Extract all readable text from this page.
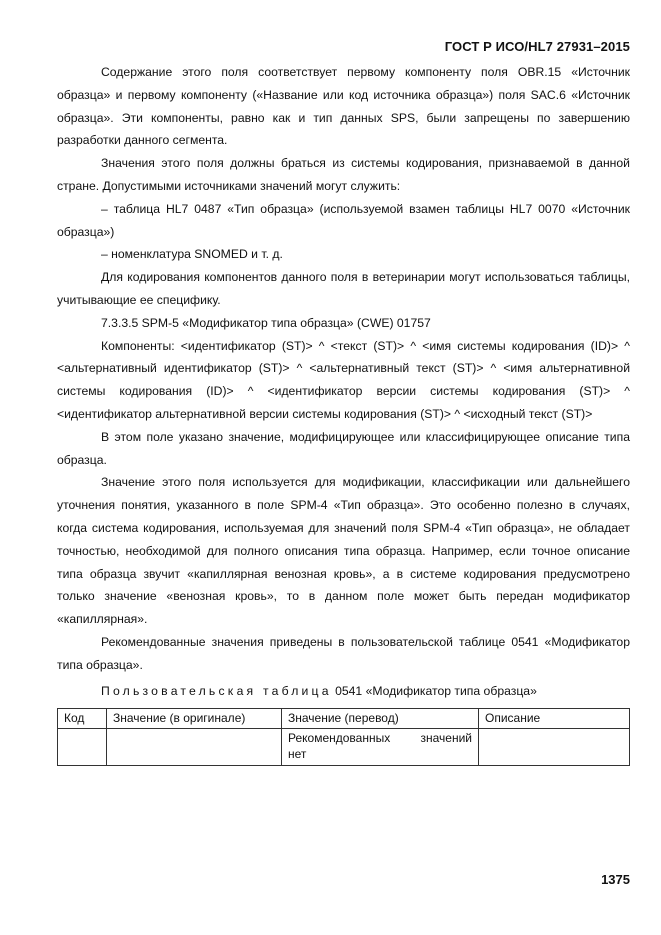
ГОСТ Р ИСО/HL7 27931–2015

Содержание этого поля соответствует первому компоненту поля OBR.15 «Источник образца» и первому компоненту («Название или код источника образца») поля SAC.6 «Источник образца». Эти компоненты, равно как и тип данных SPS, были запрещены по завершению разработки данного сегмента.

Значения этого поля должны браться из системы кодирования, признаваемой в данной стране. Допустимыми источниками значений могут служить:

– таблица HL7 0487 «Тип образца» (используемой взамен таблицы HL7 0070 «Источник образца»)

– номенклатура SNOMED и т. д.

Для кодирования компонентов данного поля в ветеринарии могут использоваться таблицы, учитывающие ее специфику.

7.3.3.5 SPM-5 «Модификатор типа образца» (CWE) 01757

Компоненты: <идентификатор (ST)> ^ <текст (ST)> ^ <имя системы кодирования (ID)> ^ <альтернативный идентификатор (ST)> ^ <альтернативный текст (ST)> ^ <имя альтернативной системы кодирования (ID)> ^ <идентификатор версии системы кодирования (ST)> ^ <идентификатор альтернативной версии системы кодирования (ST)> ^ <исходный текст (ST)>

В этом поле указано значение, модифицирующее или классифицирующее описание типа образца.

Значение этого поля используется для модификации, классификации или дальнейшего уточнения понятия, указанного в поле SPM-4 «Тип образца». Это особенно полезно в случаях, когда система кодирования, используемая для значений поля SPM-4 «Тип образца», не обладает точностью, необходимой для полного описания типа образца. Например, если точное описание типа образца звучит «капиллярная венозная кровь», а в системе кодирования предусмотрено только значение «венозная кровь», то в данном поле может быть передан модификатор «капиллярная».

Рекомендованные значения приведены в пользовательской таблице 0541 «Модификатор типа образца».

Пользовательская таблица 0541 «Модификатор типа образца»

Код	Значение (в оригинале)	Значение (перевод)	Описание

		Рекомендованных значений
нет	

1375
